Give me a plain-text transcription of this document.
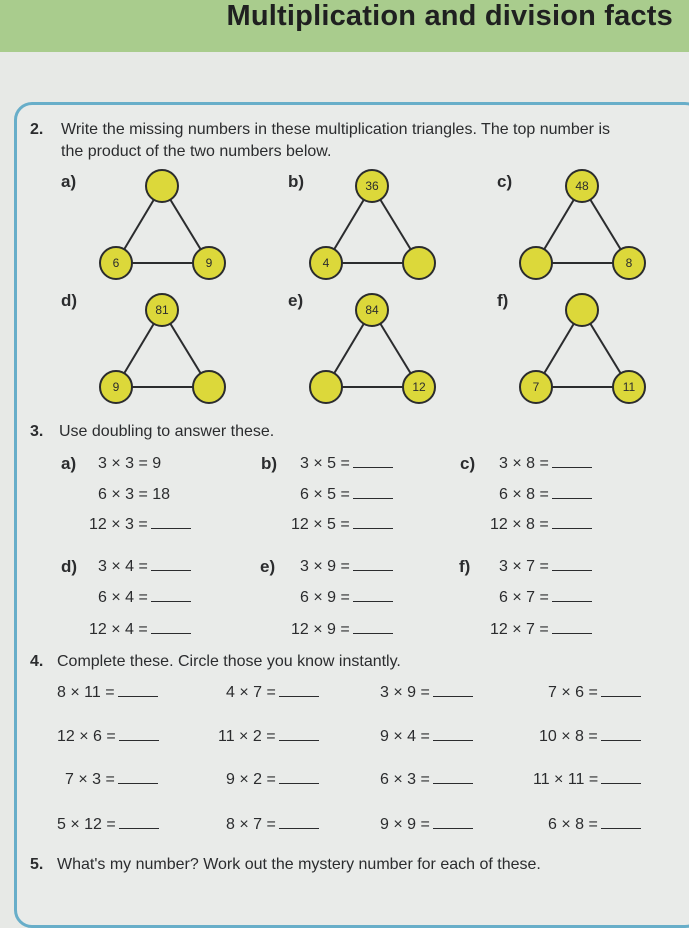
Multiplication and division facts
2. Write the missing numbers in these multiplication triangles. The top number is
the product of the two numbers below.
a)
6	9
b)	36
4
c)	48
8
d)	81
9
e)	84
12
f)
7	11
3. Use doubling to answer these.
a) 3 × 3 = 9
6 × 3 = 18
12 × 3 =
b) 3 × 5 =
6 × 5 =
12 × 5 =
c) 3 × 8 =
6 × 8 =
12 × 8 =
d) 3 × 4 =
6 × 4 =
12 × 4 =
e) 3 × 9 =
6 × 9 =
12 × 9 =
f) 3 × 7 =
6 × 7 =
12 × 7 =
4. Complete these. Circle those you know instantly.
8 × 11 =	4 × 7 =	3 × 9 =	7 × 6 =
12 × 6 =	11 × 2 =	9 × 4 =	10 × 8 =
7 × 3 =	9 × 2 =	6 × 3 =	11 × 11 =
5 × 12 =	8 × 7 =	9 × 9 =	6 × 8 =
5. What's my number? Work out the mystery number for each of these.
